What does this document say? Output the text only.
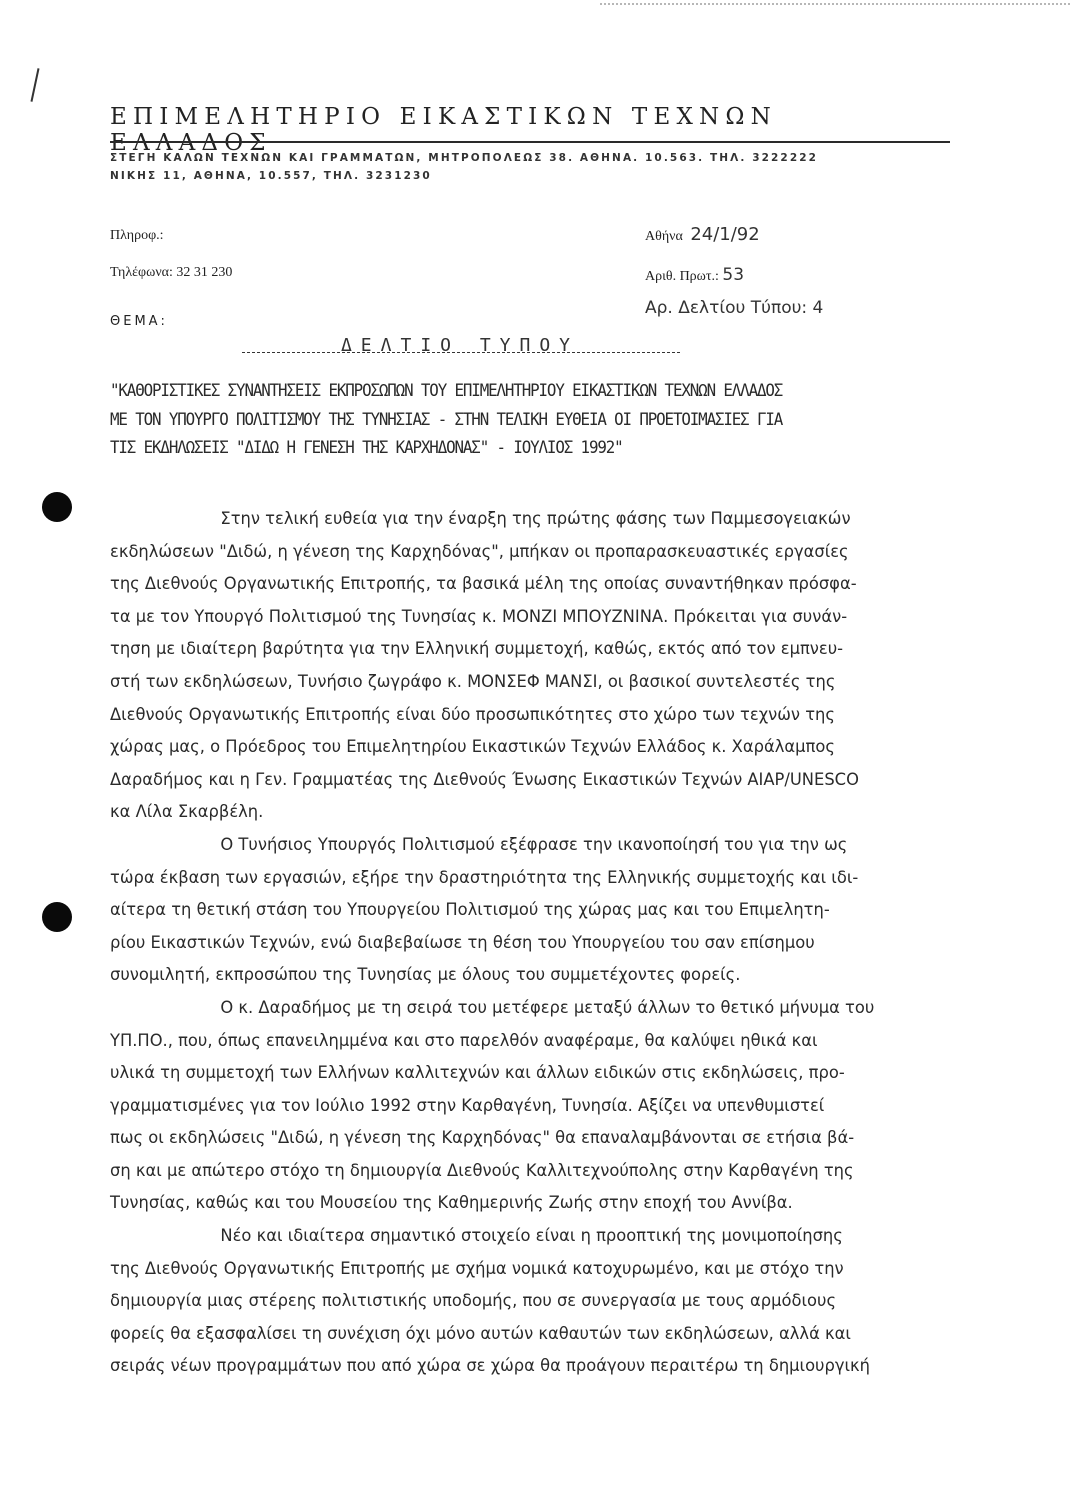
ΕΠΙΜΕΛΗΤΗΡΙΟ ΕΙΚΑΣΤΙΚΩΝ ΤΕΧΝΩΝ ΕΛΛΑΔΟΣ
ΣΤΕΓΗ ΚΑΛΩΝ ΤΕΧΝΩΝ ΚΑΙ ΓΡΑΜΜΑΤΩΝ, ΜΗΤΡΟΠΟΛΕΩΣ 38. ΑΘΗΝΑ. 10.563. ΤΗΛ. 3222222
ΝΙΚΗΣ 11, ΑΘΗΝΑ, 10.557, ΤΗΛ. 3231230
Πληροφ.:
Τηλέφωνα: 32 31 230
ΘΕΜΑ:
Αθήνα 24/1/92
Αριθ. Πρωτ.: 53
Αρ. Δελτίου Τύπου: 4
ΔΕΛΤΙΟ ΤΥΠΟΥ
"ΚΑΘΟΡΙΣΤΙΚΕΣ ΣΥΝΑΝΤΗΣΕΙΣ ΕΚΠΡΟΣΩΠΩΝ ΤΟΥ ΕΠΙΜΕΛΗΤΗΡΙΟΥ ΕΙΚΑΣΤΙΚΩΝ ΤΕΧΝΩΝ ΕΛΛΑΔΟΣ
ΜΕ ΤΟΝ ΥΠΟΥΡΓΟ ΠΟΛΙΤΙΣΜΟΥ ΤΗΣ ΤΥΝΗΣΙΑΣ - ΣΤΗΝ ΤΕΛΙΚΗ ΕΥΘΕΙΑ ΟΙ ΠΡΟΕΤΟΙΜΑΣΙΕΣ ΓΙΑ
ΤΙΣ ΕΚΔΗΛΩΣΕΙΣ "ΔΙΔΩ Η ΓΕΝΕΣΗ ΤΗΣ ΚΑΡΧΗΔΟΝΑΣ" - ΙΟΥΛΙΟΣ 1992"
Στην τελική ευθεία για την έναρξη της πρώτης φάσης των Παμμεσογειακών
εκδηλώσεων "Διδώ, η γένεση της Καρχηδόνας", μπήκαν οι προπαρασκευαστικές εργασίες
της Διεθνούς Οργανωτικής Επιτροπής, τα βασικά μέλη της οποίας συναντήθηκαν πρόσφα-
τα με τον Υπουργό Πολιτισμού της Τυνησίας κ. ΜΟΝΖΙ ΜΠΟΥΖΝΙΝΑ. Πρόκειται για συνάν-
τηση με ιδιαίτερη βαρύτητα για την Ελληνική συμμετοχή, καθώς, εκτός από τον εμπνευ-
στή των εκδηλώσεων, Τυνήσιο ζωγράφο κ. ΜΟΝΣΕΦ ΜΑΝΣΙ, οι βασικοί συντελεστές της
Διεθνούς Οργανωτικής Επιτροπής είναι δύο προσωπικότητες στο χώρο των τεχνών της
χώρας μας, ο Πρόεδρος του Επιμελητηρίου Εικαστικών Τεχνών Ελλάδος κ. Χαράλαμπος
Δαραδήμος και η Γεν. Γραμματέας της Διεθνούς Ένωσης Εικαστικών Τεχνών AIAP/UNESCO
κα Λίλα Σκαρβέλη.
Ο Τυνήσιος Υπουργός Πολιτισμού εξέφρασε την ικανοποίησή του για την ως
τώρα έκβαση των εργασιών, εξήρε την δραστηριότητα της Ελληνικής συμμετοχής και ιδι-
αίτερα τη θετική στάση του Υπουργείου Πολιτισμού της χώρας μας και του Επιμελητη-
ρίου Εικαστικών Τεχνών, ενώ διαβεβαίωσε τη θέση του Υπουργείου του σαν επίσημου
συνομιλητή, εκπροσώπου της Τυνησίας με όλους του συμμετέχοντες φορείς.
Ο κ. Δαραδήμος με τη σειρά του μετέφερε μεταξύ άλλων το θετικό μήνυμα του
ΥΠ.ΠΟ., που, όπως επανειλημμένα και στο παρελθόν αναφέραμε, θα καλύψει ηθικά και
υλικά τη συμμετοχή των Ελλήνων καλλιτεχνών και άλλων ειδικών στις εκδηλώσεις, προ-
γραμματισμένες για τον Ιούλιο 1992 στην Καρθαγένη, Τυνησία. Αξίζει να υπενθυμιστεί
πως οι εκδηλώσεις "Διδώ, η γένεση της Καρχηδόνας" θα επαναλαμβάνονται σε ετήσια βά-
ση και με απώτερο στόχο τη δημιουργία Διεθνούς Καλλιτεχνούπολης στην Καρθαγένη της
Τυνησίας, καθώς και του Μουσείου της Καθημερινής Ζωής στην εποχή του Αννίβα.
Νέο και ιδιαίτερα σημαντικό στοιχείο είναι η προοπτική της μονιμοποίησης
της Διεθνούς Οργανωτικής Επιτροπής με σχήμα νομικά κατοχυρωμένο, και με στόχο την
δημιουργία μιας στέρεης πολιτιστικής υποδομής, που σε συνεργασία με τους αρμόδιους
φορείς θα εξασφαλίσει τη συνέχιση όχι μόνο αυτών καθαυτών των εκδηλώσεων, αλλά και
σειράς νέων προγραμμάτων που από χώρα σε χώρα θα προάγουν περαιτέρω τη δημιουργική
